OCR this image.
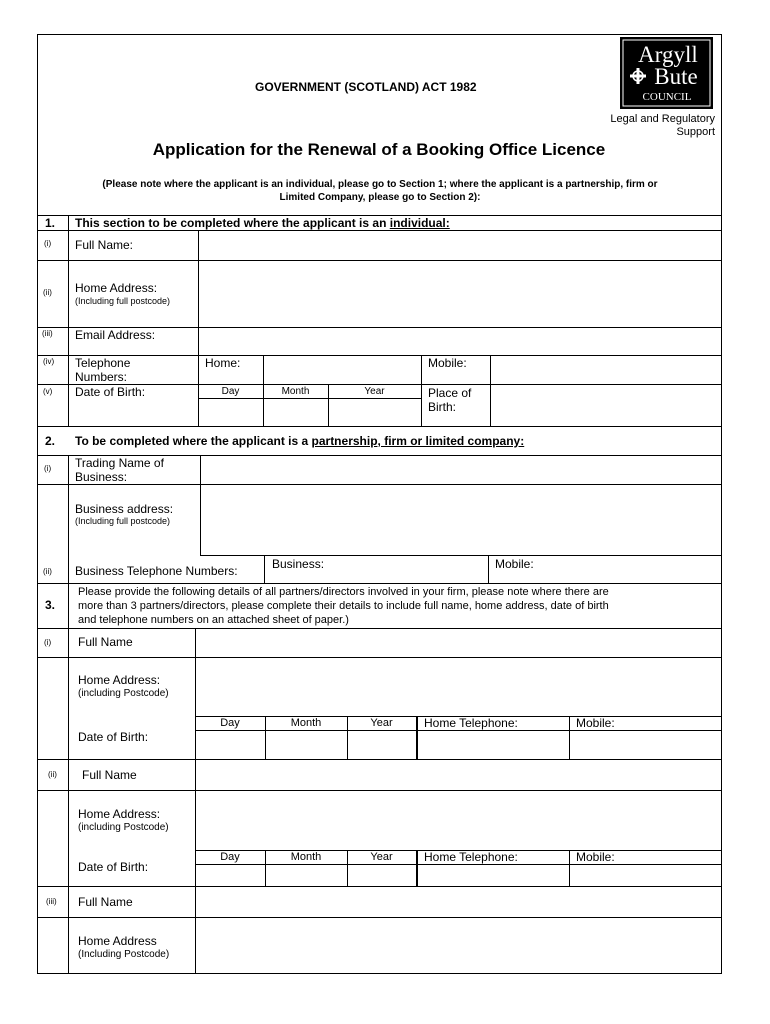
GOVERNMENT (SCOTLAND) ACT 1982
Argyll
Bute
COUNCIL
Legal and Regulatory
Support
Application for the Renewal of a Booking Office Licence
(Please note where the applicant is an individual, please go to Section 1; where the applicant is a partnership, firm or
Limited Company, please go to Section 2):
1. This section to be completed where the applicant is an individual:
(i) Full Name:
(ii) Home Address:
(Including full postcode)
(iii) Email Address:
(iv) Telephone
Numbers:
Home:	Mobile:
(v) Date of Birth:	Day	Month	Year	Place of
Birth:
2. To be completed where the applicant is a partnership, firm or limited company:
(i) Trading Name of
Business:
Business address:
(Including full postcode)
(ii) Business Telephone Numbers:	Business:	Mobile:
3.
Please provide the following details of all partners/directors involved in your firm, please note where there are
more than 3 partners/directors, please complete their details to include full name, home address, date of birth
and telephone numbers on an attached sheet of paper.)
(i) Full Name
Home Address:
(including Postcode)
Date of Birth:
Day	Month	Year	Home Telephone:	Mobile:
(ii) Full Name
Home Address:
(including Postcode)
Date of Birth:
Day	Month	Year	Home Telephone:	Mobile:
(iii) Full Name
Home Address
(Including Postcode)
